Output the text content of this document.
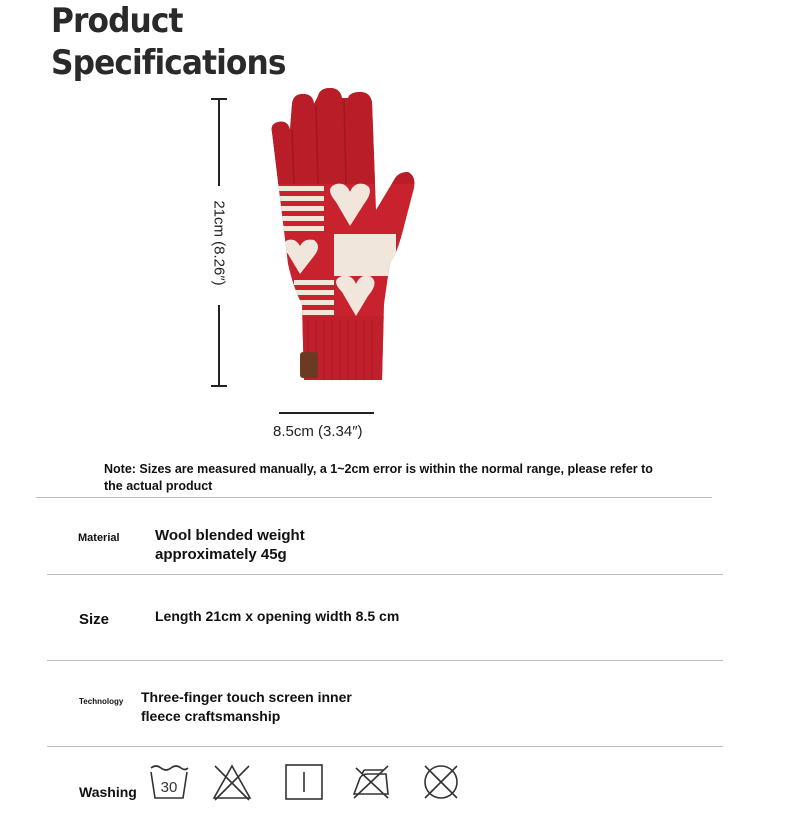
Product
Specifications
21cm (8.26″)
8.5cm (3.34″)
Note: Sizes are measured manually, a 1~2cm error is within the normal range, please refer to the actual product
Material Wool blended weight approximately 45g
Size	Length 21cm x opening width 8.5 cm
Technology Three-finger touch screen inner fleece craftsmanship
Washing 30
